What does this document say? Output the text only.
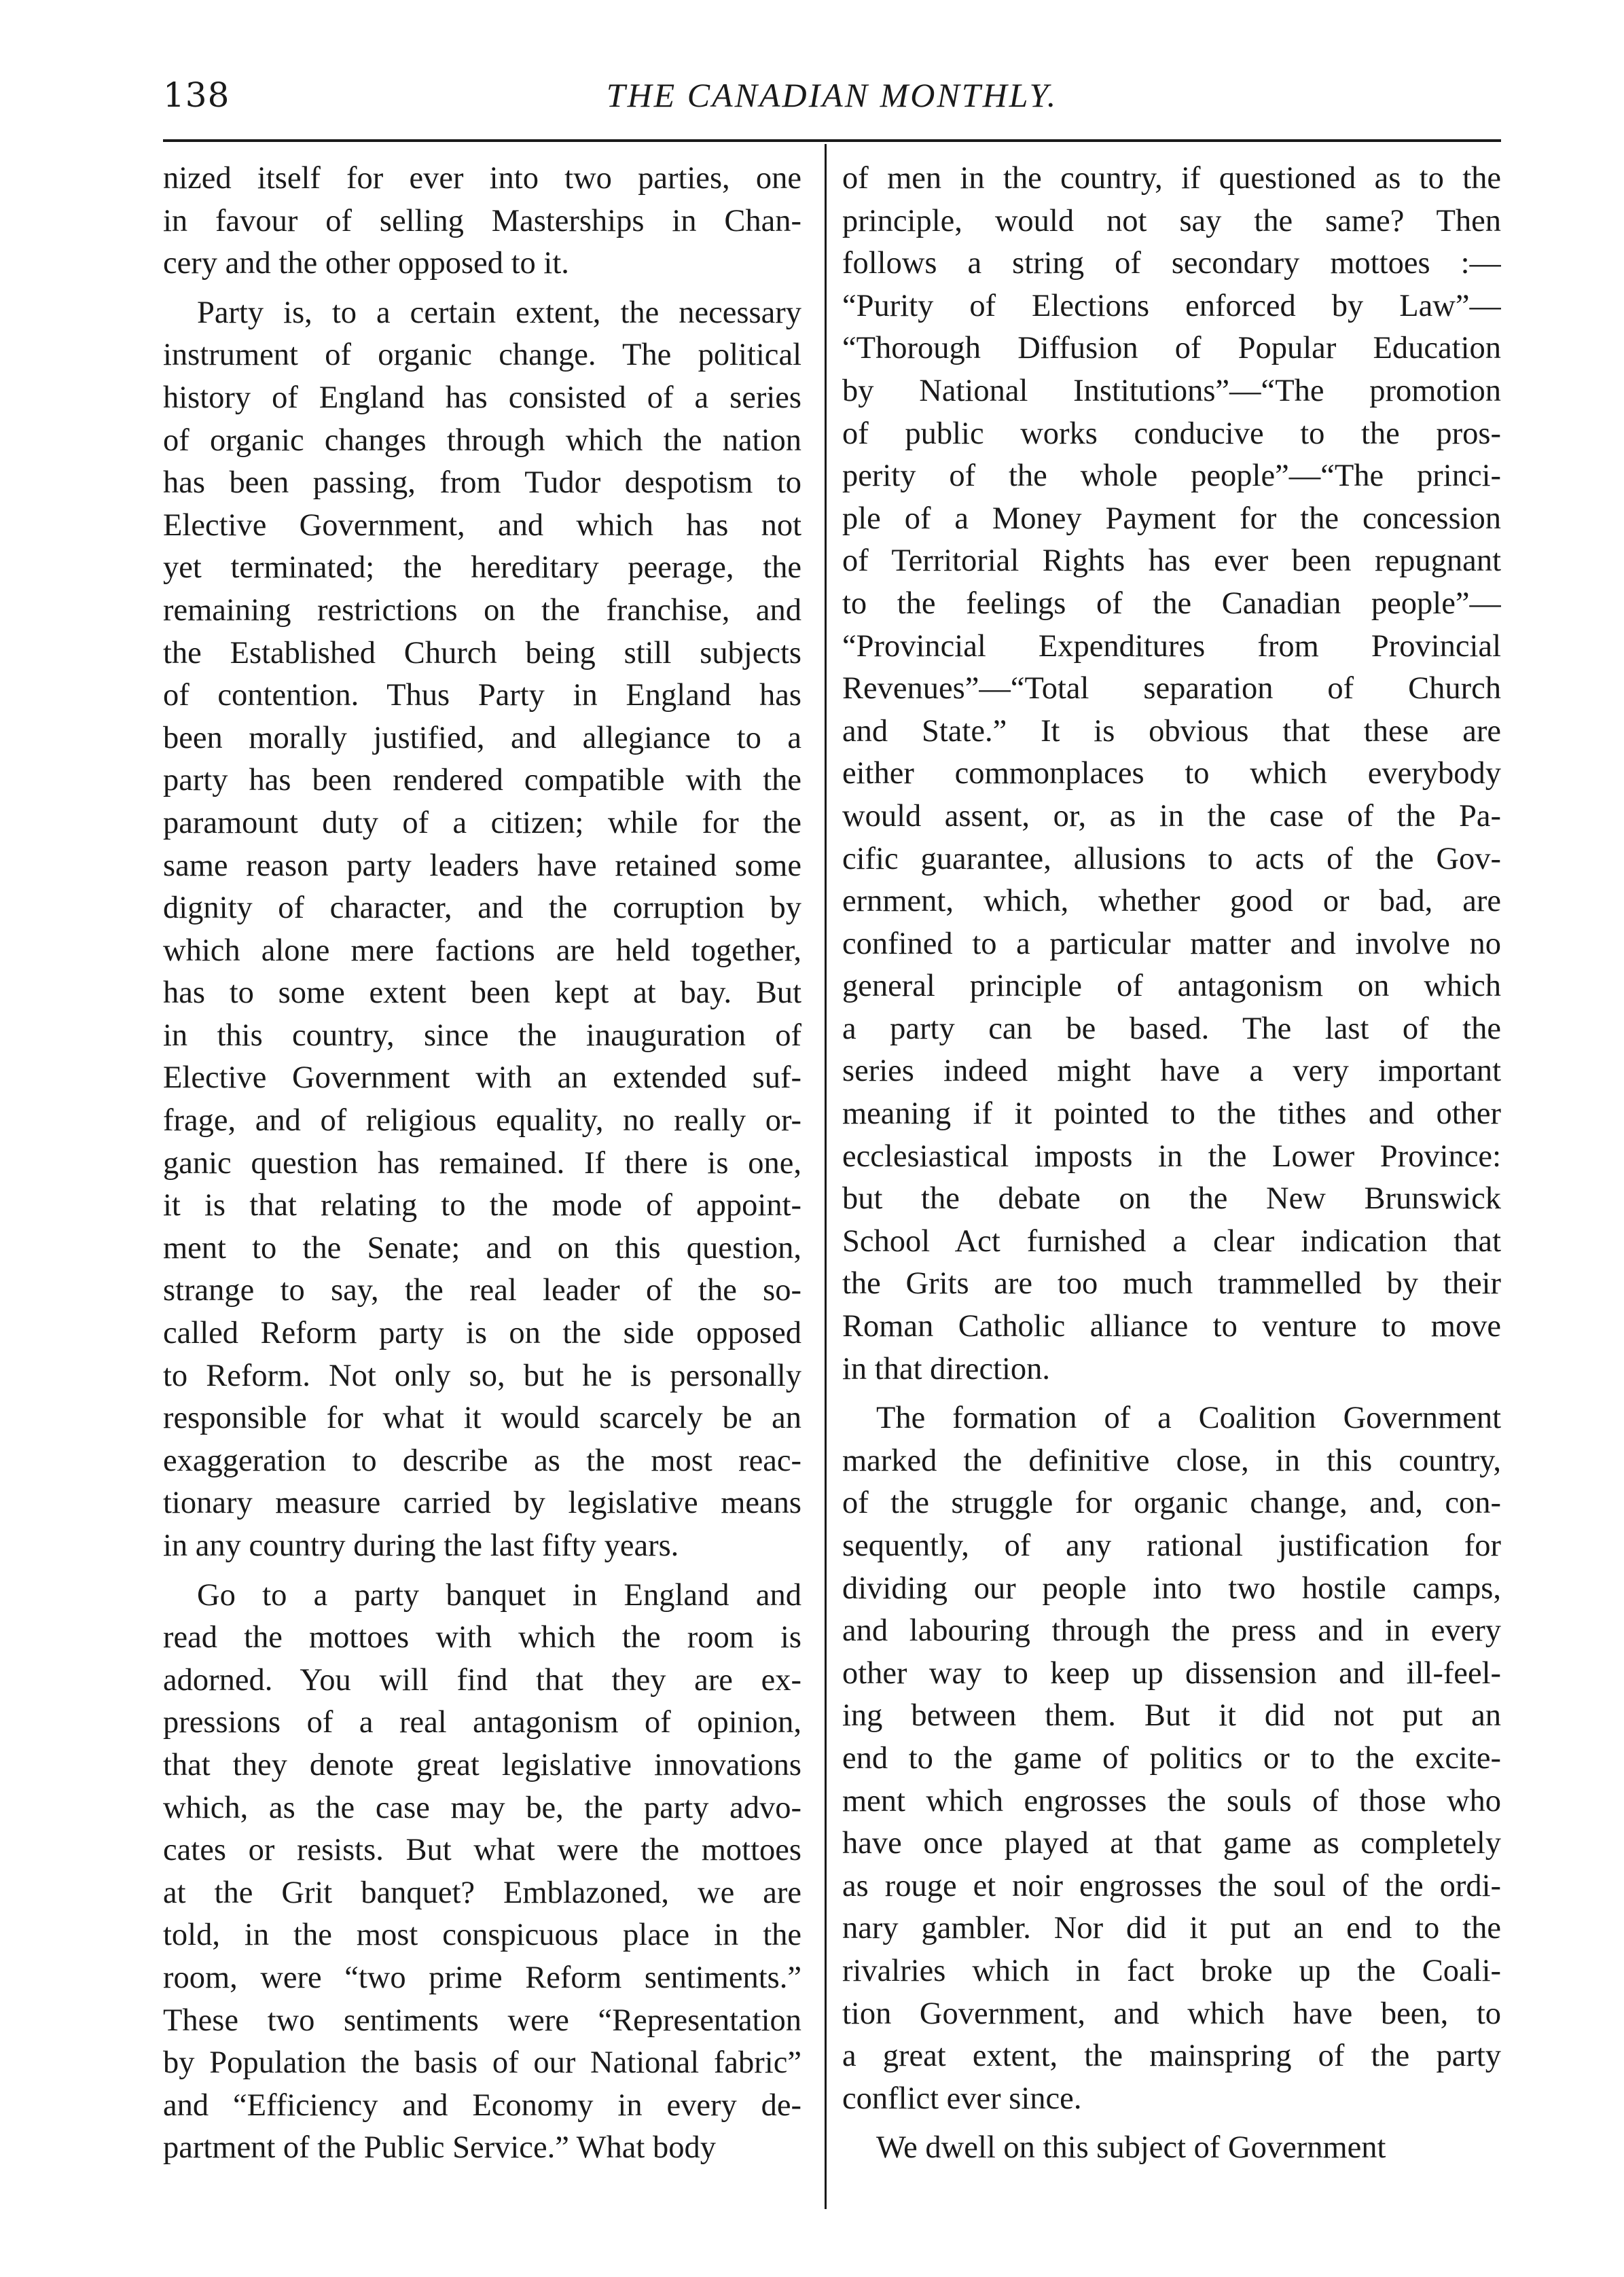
138	THE CANADIAN MONTHLY.
nized itself for ever into two parties, one
in favour of selling Masterships in Chan-
cery and the other opposed to it.
Party is, to a certain extent, the necessary
instrument of organic change. The political
history of England has consisted of a series
of organic changes through which the nation
has been passing, from Tudor despotism to
Elective Government, and which has not
yet terminated; the hereditary peerage, the
remaining restrictions on the franchise, and
the Established Church being still subjects
of contention. Thus Party in England has
been morally justified, and allegiance to a
party has been rendered compatible with the
paramount duty of a citizen; while for the
same reason party leaders have retained some
dignity of character, and the corruption by
which alone mere factions are held together,
has to some extent been kept at bay. But
in this country, since the inauguration of
Elective Government with an extended suf-
frage, and of religious equality, no really or-
ganic question has remained. If there is one,
it is that relating to the mode of appoint-
ment to the Senate; and on this question,
strange to say, the real leader of the so-
called Reform party is on the side opposed
to Reform. Not only so, but he is personally
responsible for what it would scarcely be an
exaggeration to describe as the most reac-
tionary measure carried by legislative means
in any country during the last fifty years.
Go to a party banquet in England and
read the mottoes with which the room is
adorned. You will find that they are ex-
pressions of a real antagonism of opinion,
that they denote great legislative innovations
which, as the case may be, the party advo-
cates or resists. But what were the mottoes
at the Grit banquet? Emblazoned, we are
told, in the most conspicuous place in the
room, were “two prime Reform sentiments.”
These two sentiments were “Representation
by Population the basis of our National fabric”
and “Efficiency and Economy in every de-
partment of the Public Service.” What body
of men in the country, if questioned as to the
principle, would not say the same? Then
follows a string of secondary mottoes :—
“Purity of Elections enforced by Law”—
“Thorough Diffusion of Popular Education
by National Institutions”—“The promotion
of public works conducive to the pros-
perity of the whole people”—“The princi-
ple of a Money Payment for the concession
of Territorial Rights has ever been repugnant
to the feelings of the Canadian people”—
“Provincial Expenditures from Provincial
Revenues”—“Total separation of Church
and State.” It is obvious that these are
either commonplaces to which everybody
would assent, or, as in the case of the Pa-
cific guarantee, allusions to acts of the Gov-
ernment, which, whether good or bad, are
confined to a particular matter and involve no
general principle of antagonism on which
a party can be based. The last of the
series indeed might have a very important
meaning if it pointed to the tithes and other
ecclesiastical imposts in the Lower Province:
but the debate on the New Brunswick
School Act furnished a clear indication that
the Grits are too much trammelled by their
Roman Catholic alliance to venture to move
in that direction.
The formation of a Coalition Government
marked the definitive close, in this country,
of the struggle for organic change, and, con-
sequently, of any rational justification for
dividing our people into two hostile camps,
and labouring through the press and in every
other way to keep up dissension and ill-feel-
ing between them. But it did not put an
end to the game of politics or to the excite-
ment which engrosses the souls of those who
have once played at that game as completely
as rouge et noir engrosses the soul of the ordi-
nary gambler. Nor did it put an end to the
rivalries which in fact broke up the Coali-
tion Government, and which have been, to
a great extent, the mainspring of the party
conflict ever since.
We dwell on this subject of Government
